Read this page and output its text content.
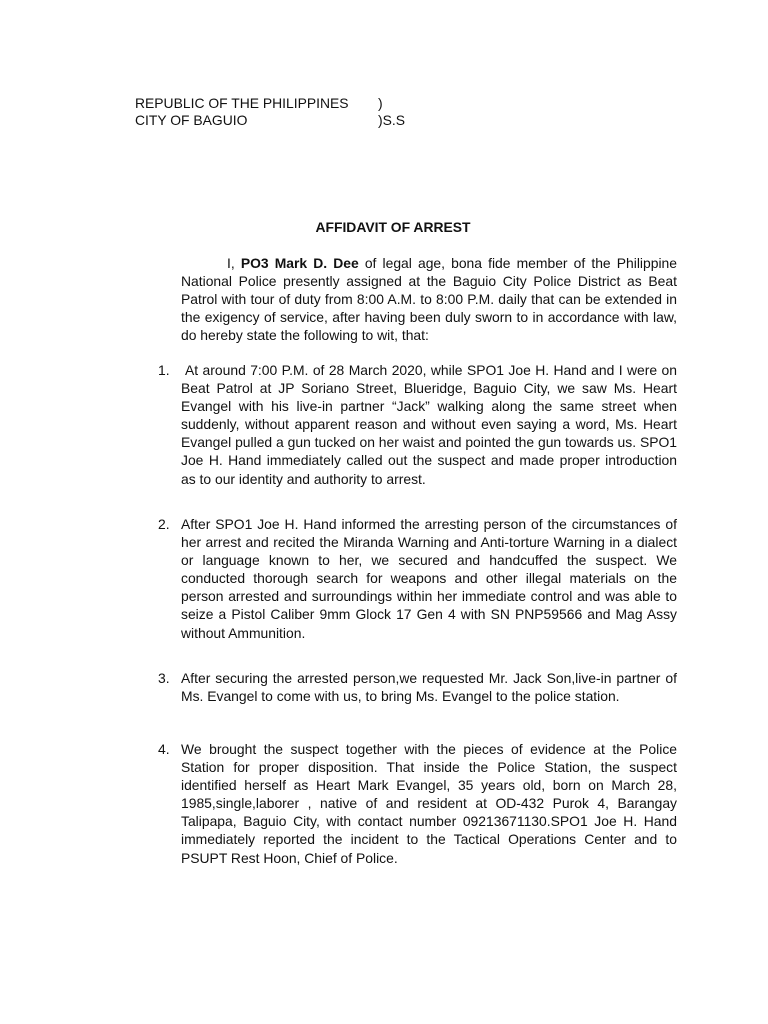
REPUBLIC OF THE PHILIPPINES )
CITY OF BAGUIO	)S.S
AFFIDAVIT OF ARREST

I, PO3 Mark D. Dee of legal age, bona fide member of the Philippine National Police presently assigned at the Baguio City Police District as Beat Patrol with tour of duty from 8:00 A.M. to 8:00 P.M. daily that can be extended in the exigency of service, after having been duly sworn to in accordance with law, do hereby state the following to wit, that:

1.	At around 7:00 P.M. of 28 March 2020, while SPO1 Joe H. Hand and I were on Beat Patrol at JP Soriano Street, Blueridge, Baguio City, we saw Ms. Heart Evangel with his live-in partner “Jack” walking along the same street when suddenly, without apparent reason and without even saying a word, Ms. Heart Evangel pulled a gun tucked on her waist and pointed the gun towards us. SPO1 Joe H. Hand immediately called out the suspect and made proper introduction as to our identity and authority to arrest.

2. After SPO1 Joe H. Hand informed the arresting person of the circumstances of her arrest and recited the Miranda Warning and Anti-torture Warning in a dialect or language known to her, we secured and handcuffed the suspect. We conducted thorough search for weapons and other illegal materials on the person arrested and surroundings within her immediate control and was able to seize a Pistol Caliber 9mm Glock 17 Gen 4 with SN PNP59566 and Mag Assy without Ammunition.

3. After securing the arrested person,we requested Mr. Jack Son,live-in partner of Ms. Evangel to come with us, to bring Ms. Evangel to the police station.

4. We brought the suspect together with the pieces of evidence at the Police Station for proper disposition. That inside the Police Station, the suspect identified herself as Heart Mark Evangel, 35 years old, born on March 28, 1985,single,laborer , native of and resident at OD-432 Purok 4, Barangay Talipapa, Baguio City, with contact number 09213671130.SPO1 Joe H. Hand immediately reported the incident to the Tactical Operations Center and to PSUPT Rest Hoon, Chief of Police.
